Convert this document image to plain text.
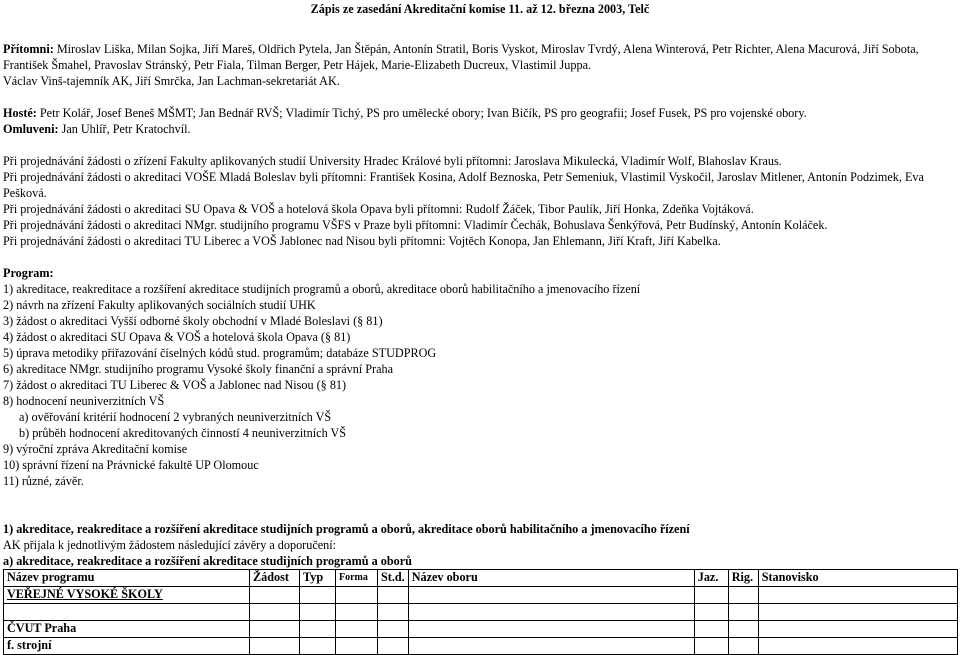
Zápis ze zasedání Akreditační komise 11. až 12. března 2003, Telč

Přítomni: Miroslav Liška, Milan Sojka, Jiří Mareš, Oldřich Pytela, Jan Štěpán, Antonín Stratil, Boris Vyskot, Miroslav Tvrdý, Alena Winterová, Petr Richter, Alena Macurová, Jiří Sobota, František Šmahel, Pravoslav Stránský, Petr Fiala, Tilman Berger, Petr Hájek, Marie-Elizabeth Ducreux, Vlastimil Juppa.

Václav Vinš-tajemník AK, Jiří Smrčka, Jan Lachman-sekretariát AK.

Hosté: Petr Kolář, Josef Beneš MŠMT; Jan Bednář RVŠ; Vladimír Tichý, PS pro umělecké obory; Ivan Bičík, PS pro geografii; Josef Fusek, PS pro vojenské obory.

Omluveni: Jan Uhlíř, Petr Kratochvíl.

Při projednávání žádosti o zřízení Fakulty aplikovaných studií University Hradec Králové byli přítomni: Jaroslava Mikulecká, Vladimír Wolf, Blahoslav Kraus.

Při projednávání žádosti o akreditaci VOŠE Mladá Boleslav byli přítomni: František Kosina, Adolf Beznoska, Petr Semeniuk, Vlastimil Vyskočil, Jaroslav Mitlener, Antonín Podzimek, Eva Pešková.

Při projednávání žádosti o akreditaci SU Opava & VOŠ a hotelová škola Opava byli přítomni: Rudolf Žáček, Tibor Paulík, Jiří Honka, Zdeňka Vojtáková.

Při projednávání žádosti o akreditaci NMgr. studijního programu VŠFS v Praze byli přítomni: Vladimír Čechák, Bohuslava Šenkýřová, Petr Budínský, Antonín Koláček.

Při projednávání žádosti o akreditaci TU Liberec a VOŠ Jablonec nad Nisou byli přítomni: Vojtěch Konopa, Jan Ehlemann, Jiří Kraft, Jiří Kabelka.

Program:

1) akreditace, reakreditace a rozšíření akreditace studijních programů a oborů, akreditace oborů habilitačního a jmenovacího řízení

2) návrh na zřízení Fakulty aplikovaných sociálních studií UHK

3) žádost o akreditaci Vyšší odborné školy obchodní v Mladé Boleslavi (§ 81)

4) žádost o akreditaci SU Opava & VOŠ a hotelová škola Opava (§ 81)

5) úprava metodiky přiřazování číselných kódů stud. programům; databáze STUDPROG

6) akreditace NMgr. studijního programu Vysoké školy finanční a správní Praha

7) žádost o akreditaci TU Liberec & VOŠ a Jablonec nad Nisou (§ 81)

8) hodnocení neuniverzitních VŠ

a) ověřování kritérií hodnocení 2 vybraných neuniverzitních VŠ

b) průběh hodnocení akreditovaných činností 4 neuniverzitních VŠ

9) výroční zpráva Akreditační komise

10) správní řízení na Právnické fakultě UP Olomouc

11) různé, závěr.

1) akreditace, reakreditace a rozšíření akreditace studijních programů a oborů, akreditace oborů habilitačního a jmenovacího řízení

AK přijala k jednotlivým žádostem následující závěry a doporučení:

a) akreditace, reakreditace a rozšíření akreditace studijních programů a oborů

Název programu	Žádost	Typ	Forma	St.d.	Název oboru	Jaz.	Rig.	Stanovisko
VEŘEJNÉ VYSOKÉ ŠKOLY								

ČVUT Praha								
f. strojní								
